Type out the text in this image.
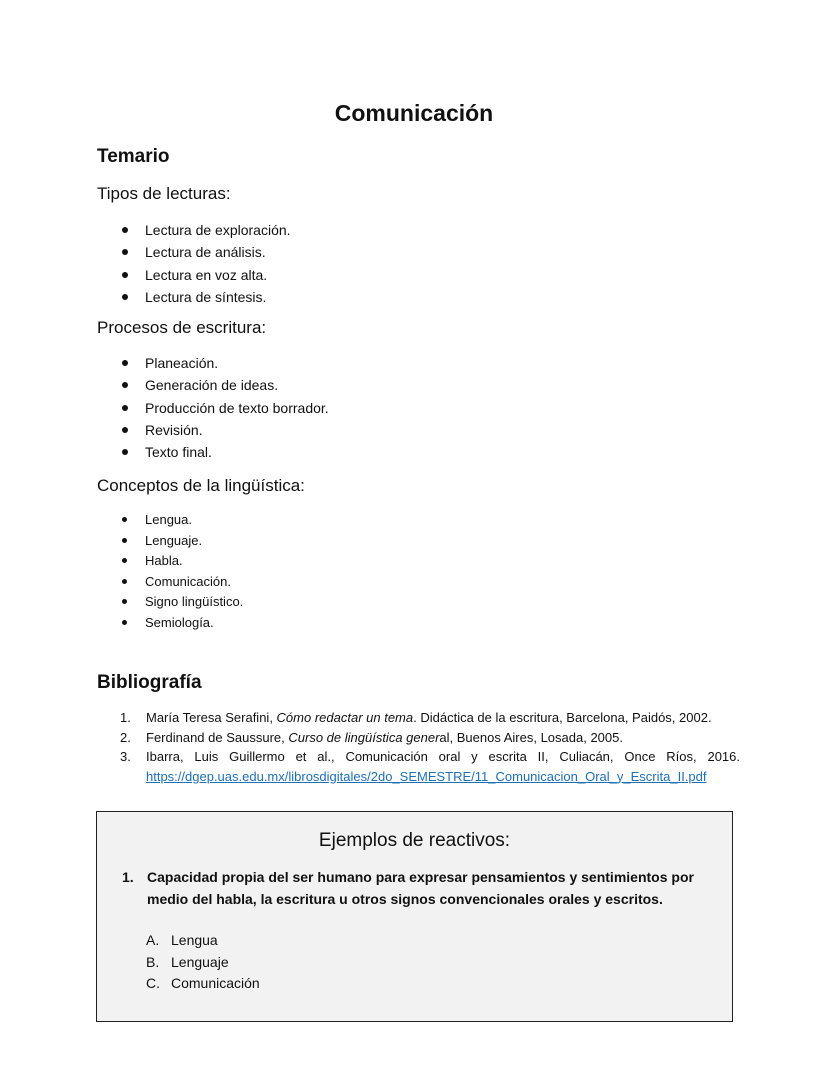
Comunicación
Temario
Tipos de lecturas:
Lectura de exploración.
Lectura de análisis.
Lectura en voz alta.
Lectura de síntesis.
Procesos de escritura:
Planeación.
Generación de ideas.
Producción de texto borrador.
Revisión.
Texto final.
Conceptos de la lingüística:
Lengua.
Lenguaje.
Habla.
Comunicación.
Signo lingüístico.
Semiología.
Bibliografía
1. María Teresa Serafini, Cómo redactar un tema. Didáctica de la escritura, Barcelona, Paidós, 2002.
2. Ferdinand de Saussure, Curso de lingüística general, Buenos Aires, Losada, 2005.
3. Ibarra, Luis Guillermo et al., Comunicación oral y escrita II, Culiacán, Once Ríos, 2016.
https://dgep.uas.edu.mx/librosdigitales/2do_SEMESTRE/11_Comunicacion_Oral_y_Escrita_II.pdf
Ejemplos de reactivos:
1. Capacidad propia del ser humano para expresar pensamientos y sentimientos por medio del habla, la escritura u otros signos convencionales orales y escritos.
A. Lengua
B. Lenguaje
C. Comunicación
